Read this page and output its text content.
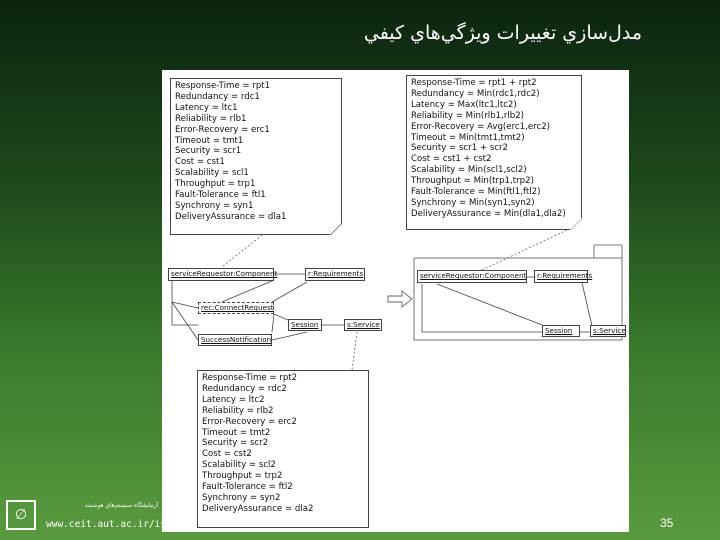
مدل‌سازي تغييرات ويژگي‌هاي كيفي
Response-Time = rpt1
Redundancy = rdc1
Latency = ltc1
Reliability = rlb1
Error-Recovery = erc1
Timeout = tmt1
Security = scr1
Cost = cst1
Scalability = scl1
Throughput = trp1
Fault-Tolerance = ftl1
Synchrony = syn1
DeliveryAssurance = dla1
Response-Time = rpt1 + rpt2
Redundancy = Min(rdc1,rdc2)
Latency = Max(ltc1,ltc2)
Reliability = Min(rlb1,rlb2)
Error-Recovery = Avg(erc1,erc2)
Timeout = Min(tmt1,tmt2)
Security = scr1 + scr2
Cost = cst1 + cst2
Scalability = Min(scl1,scl2)
Throughput = Min(trp1,trp2)
Fault-Tolerance = Min(ftl1,ftl2)
Synchrony = Min(syn1,syn2)
DeliveryAssurance = Min(dla1,dla2)
serviceRequestor:Component	r:Requirements
rec:ConnectRequest
Session	s:Service
SuccessNotification
serviceRequestor:Component	r:Requirements
Session	s:Service
Response-Time = rpt2
Redundancy = rdc2
Latency = ltc2
Reliability = rlb2
Error-Recovery = erc2
Timeout = tmt2
Security = scr2
Cost = cst2
Scalability = scl2
Throughput = trp2
Fault-Tolerance = ftl2
Synchrony = syn2
DeliveryAssurance = dla2
∅
آزمايشگاه سيستم‌هاي هوشمند
www.ceit.aut.ac.ir/islab	35
